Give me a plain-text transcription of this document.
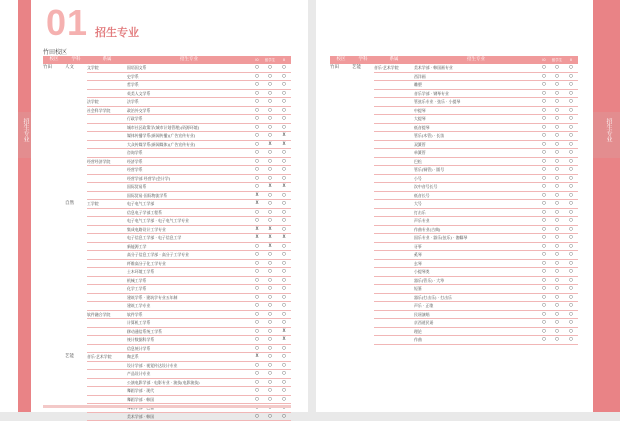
01 招生专业
竹田校区
招生专业
校区	学科	系属	招生专业	I0	留学生	II
竹田	人文	文学院	国语国文系	○	○	○
			史学系	○	○	○
			哲学系	○	○	○
			英美人文学系	○	○	○
		法学院	法学系	○	○	○
		社会科学学院	政治外交学系	○	○	○
			行政学系	○	○	○
			城市社区政策学(城市计划管理)(资源环境)	○	○	○
			媒体传播学系(新闻传播)(广告宣传专业)	○	○	X
			大众传媒学系(新闻媒体)(广告宣传专业)	○	X	X
			咨询学系	○	○	○
		经营经济学院	经济学系	○	○	○
			经营学系	○	○	○
			经营学部 经营学(会计学)	○	○	○
			国际贸易系	○	X	X
			国际贸易·国际物流学系	X	○	○
	自然	工学院	电子电气工学部	X	○	○
			信息电子学部工程系	○	○	○
			电子电气工学部 · 电子电气工学专业	○	○	○
			集成电路设计工学专业	X	X	○
			电子信息工学部 · 电子信息工学	X	X	X
			新能源工学	○	X	○
			高分子信息工学部 · 高分子工学专业	○	○	○
			纤维高分子化工学专业	○	○	○
			土木环境工学系	○	○	○
			机械工学系	○	○	○
			化学工学系	○	○	○
			建筑学系 · 建筑学专业五年制	○	○	○
			建筑工学专业	○	○	○
		软件融合学院	软件学系	○	○	○
			计算机工学系	○	○	○
			移动通信系统工学系	○	○	X
			统计数据科学系	○	○	X
			信息统计学系	○	○	○
	艺能	音乐·艺术学院	陶艺系	X	○	○
			设计学部 · 视觉传达设计专业	○	○	○
			产品设计专业	○	○	○
			公演电影学部 · 电影专业 · 演技(电影演技)	○	○	○
			舞蹈学部 · 现代	○	○	○
			舞蹈学部 · 韩国	○	○	○

			美术学部 · 韩国	○	○	○
招生专业
校区	学科	系属	招生专业	I0	留学生	II
竹田	艺能	音乐·艺术学院	美术学部 · 韩国画专业	○	○	○
			西洋画	○	○	○
			雕塑	○	○	○
			音乐学部 · 钢琴专业	○	○	○
			管弦乐专业 · 弦乐 · 小提琴	○	○	○
			中提琴	○	○	○
			大提琴	○	○	○
			低音提琴	○	○	○
			管乐(木管) · 长笛	○	○	○
			双簧管	○	○	○
			单簧管	○	○	○
			巴松	○	○	○
			管乐(铜管) · 圆号	○	○	○
			小号	○	○	○
			次中音号长号	○	○	○
			低音长号	○	○	○
			大号	○	○	○
			打击乐	○	○	○
			声乐专业	○	○	○
			作曲专业(古典)	○	○	○
			国乐专业 · 器乐(弦乐) · 伽倻琴	○	○	○
			牙筝	○	○	○
			奚琴	○	○	○
			玄琴	○	○	○
			小提琴类	○	○	○
			器乐(管乐) · 大笒	○	○	○
			短箫	○	○	○
			器乐(打击乐) · 打击乐	○	○	○
			声乐 · 正歌	○	○	○
			民谣演唱	○	○	○
			京西道民谣	○	○	○
			理论	○	○	○
			作曲	○	○	○
